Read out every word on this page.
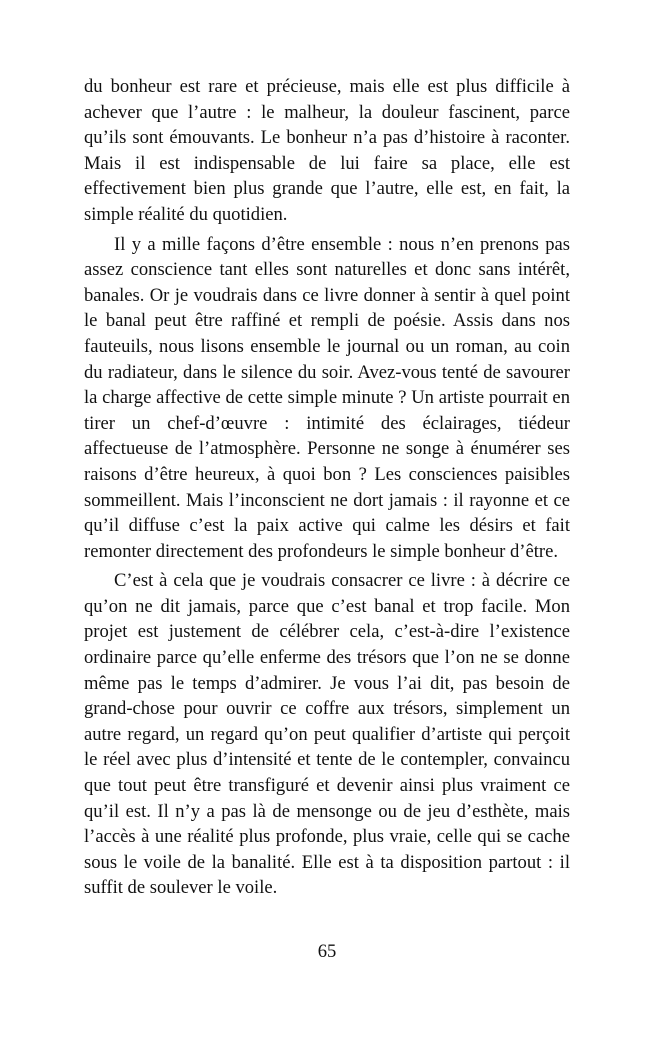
du bonheur est rare et précieuse, mais elle est plus difficile à achever que l’autre : le malheur, la douleur fascinent, parce qu’ils sont émouvants. Le bonheur n’a pas d’histoire à raconter. Mais il est indispensable de lui faire sa place, elle est effectivement bien plus grande que l’autre, elle est, en fait, la simple réalité du quotidien.

Il y a mille façons d’être ensemble : nous n’en prenons pas assez conscience tant elles sont naturelles et donc sans intérêt, banales. Or je voudrais dans ce livre donner à sentir à quel point le banal peut être raffiné et rempli de poésie. Assis dans nos fauteuils, nous lisons ensemble le journal ou un roman, au coin du radiateur, dans le silence du soir. Avez-vous tenté de savourer la charge affective de cette simple minute ? Un artiste pourrait en tirer un chef-d’œuvre : intimité des éclairages, tiédeur affectueuse de l’atmosphère. Personne ne songe à énumérer ses raisons d’être heureux, à quoi bon ? Les consciences paisibles sommeillent. Mais l’inconscient ne dort jamais : il rayonne et ce qu’il diffuse c’est la paix active qui calme les désirs et fait remonter directement des profondeurs le simple bonheur d’être.

C’est à cela que je voudrais consacrer ce livre : à décrire ce qu’on ne dit jamais, parce que c’est banal et trop facile. Mon projet est justement de célébrer cela, c’est-à-dire l’existence ordinaire parce qu’elle enferme des trésors que l’on ne se donne même pas le temps d’admirer. Je vous l’ai dit, pas besoin de grand-chose pour ouvrir ce coffre aux trésors, simplement un autre regard, un regard qu’on peut qualifier d’artiste qui perçoit le réel avec plus d’intensité et tente de le contempler, convaincu que tout peut être transfiguré et devenir ainsi plus vraiment ce qu’il est. Il n’y a pas là de mensonge ou de jeu d’esthète, mais l’accès à une réalité plus profonde, plus vraie, celle qui se cache sous le voile de la banalité. Elle est à ta disposition partout : il suffit de soulever le voile.

65
